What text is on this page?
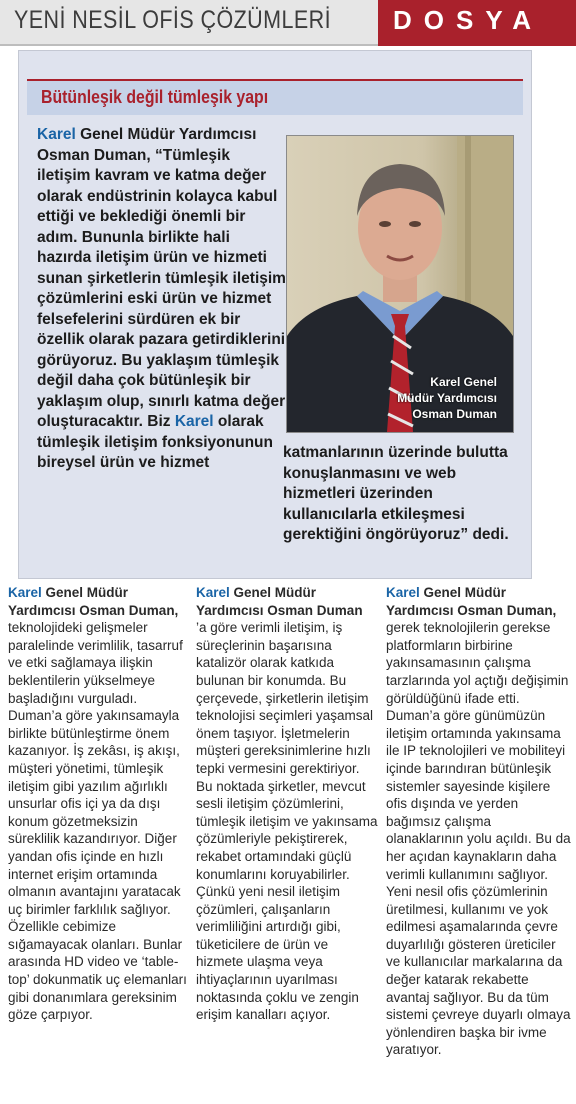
YENİ NESİL OFİS ÇÖZÜMLERİ DOSYA
Bütünleşik değil tümleşik yapı

Karel Genel Müdür Yardımcısı Osman Duman, “Tümleşik iletişim kavram ve katma değer olarak endüstrinin kolayca kabul ettiği ve beklediği önemli bir adım. Bununla birlikte hali hazırda iletişim ürün ve hizmeti sunan şirketlerin tümleşik iletişim çözümlerini eski ürün ve hizmet felsefelerini sürdüren ek bir özellik olarak pazara getirdiklerini görüyoruz. Bu yaklaşım tümleşik değil daha çok bütünleşik bir yaklaşım olup, sınırlı katma değer oluşturacaktır. Biz Karel olarak tümleşik iletişim fonksiyonunun bireysel ürün ve hizmet

Karel Genel
Müdür Yardımcısı
Osman Duman

katmanlarının üzerinde bulutta konuşlanmasını ve web hizmetleri üzerinden kullanıcılarla etkileşmesi gerektiğini öngörüyoruz” dedi.

Karel Genel Müdür Yardımcısı Osman Duman,

teknolojideki gelişmeler paralelinde verimlilik, tasarruf ve etki sağlamaya ilişkin beklentilerin yükselmeye başladığını vurguladı. Duman’a göre yakınsamayla birlikte bütünleştirme önem kazanıyor. İş zekâsı, iş akışı, müşteri yönetimi, tümleşik iletişim gibi yazılım ağırlıklı unsurlar ofis içi ya da dışı konum gözetmeksizin süreklilik kazandırıyor. Diğer yandan ofis içinde en hızlı internet erişim ortamında olmanın avantajını yaratacak uç birimler farklılık sağlıyor. Özellikle cebimize sığamayacak olanları. Bunlar arasında HD video ve ‘table-top’ dokunmatik uç elemanları gibi donanımlara gereksinim göze çarpıyor.

Karel Genel Müdür Yardımcısı Osman Duman

’a göre verimli iletişim, iş süreçlerinin başarısına katalizör olarak katkıda bulunan bir konumda. Bu çerçevede, şirketlerin iletişim teknolojisi seçimleri yaşamsal önem taşıyor. İşletmelerin müşteri gereksinimlerine hızlı tepki vermesini gerektiriyor. Bu noktada şirketler, mevcut sesli iletişim çözümlerini, tümleşik iletişim ve yakınsama çözümleriyle pekiştirerek, rekabet ortamındaki güçlü konumlarını koruyabilirler. Çünkü yeni nesil iletişim çözümleri, çalışanların verimliliğini artırdığı gibi, tüketicilere de ürün ve hizmete ulaşma veya ihtiyaçlarının uyarılması noktasında çoklu ve zengin erişim kanalları açıyor.

Karel Genel Müdür Yardımcısı Osman Duman,

gerek teknolojilerin gerekse platformların birbirine yakınsamasının çalışma tarzlarında yol açtığı değişimin görüldüğünü ifade etti. Duman’a göre günümüzün iletişim ortamında yakınsama ile IP teknolojileri ve mobiliteyi içinde barındıran bütünleşik sistemler sayesinde kişilere ofis dışında ve yerden bağımsız çalışma olanaklarının yolu açıldı. Bu da her açıdan kaynakların daha verimli kullanımını sağlıyor. Yeni nesil ofis çözümlerinin üretilmesi, kullanımı ve yok edilmesi aşamalarında çevre duyarlılığı gösteren üreticiler ve kullanıcılar markalarına da değer katarak rekabette avantaj sağlıyor. Bu da tüm sistemi çevreye duyarlı olmaya yönlendiren başka bir ivme yaratıyor.
